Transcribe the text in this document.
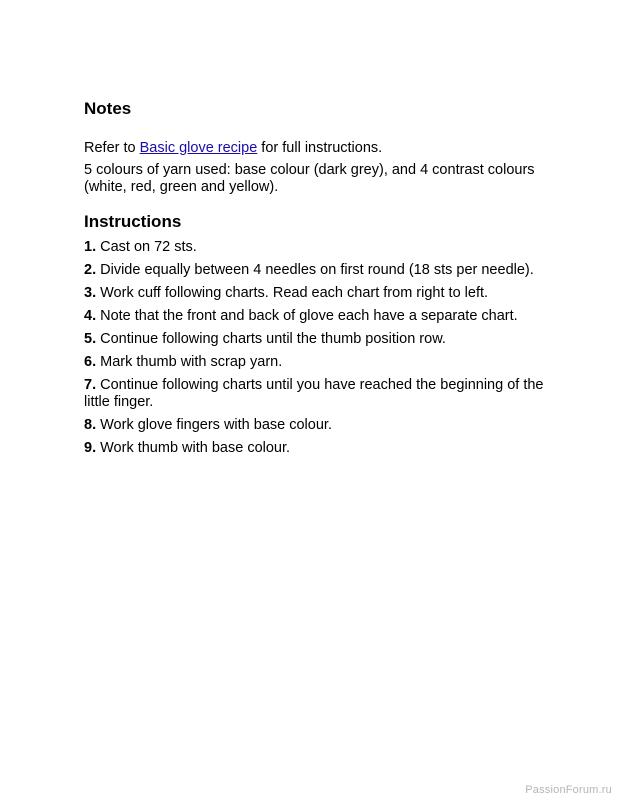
Notes

Refer to Basic glove recipe for full instructions.

5 colours of yarn used: base colour (dark grey), and 4 contrast colours (white, red, green and yellow).

Instructions
1. Cast on 72 sts.
2. Divide equally between 4 needles on first round (18 sts per needle).
3. Work cuff following charts. Read each chart from right to left.
4. Note that the front and back of glove each have a separate chart.
5. Continue following charts until the thumb position row.
6. Mark thumb with scrap yarn.
7. Continue following charts until you have reached the beginning of the little finger.
8. Work glove fingers with base colour.
9. Work thumb with base colour.
PassionForum.ru
